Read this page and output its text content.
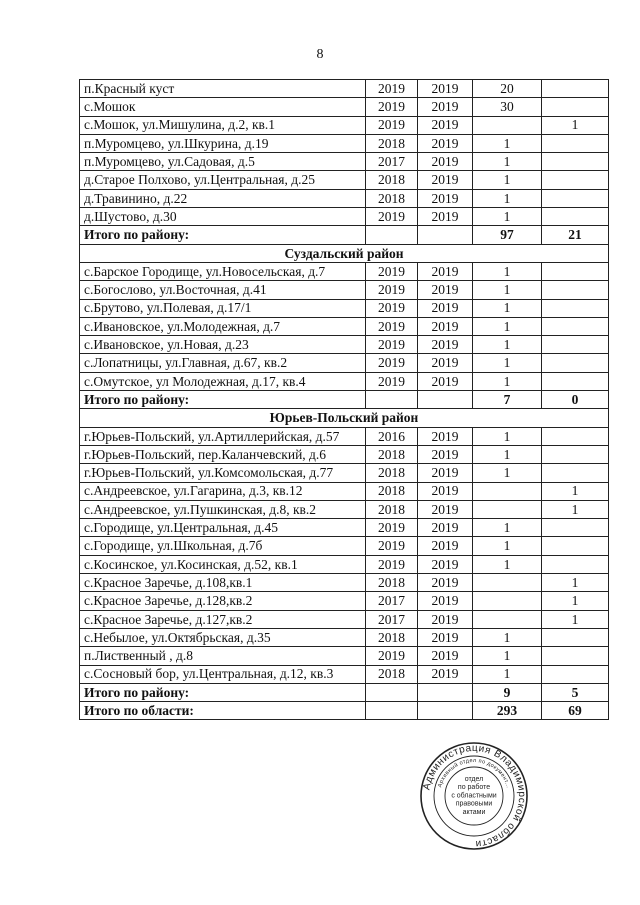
8
п.Красный куст	2019	2019	20	
с.Мошок	2019	2019	30	
с.Мошок, ул.Мишулина, д.2, кв.1	2019	2019		1
п.Муромцево, ул.Шкурина, д.19	2018	2019	1	
п.Муромцево, ул.Садовая, д.5	2017	2019	1	
д.Старое Полхово, ул.Центральная, д.25	2018	2019	1	
д.Травинино, д.22	2018	2019	1	
д.Шустово, д.30	2019	2019	1	
Итого по району:			97	21
Суздальский район				
с.Барское Городище, ул.Новосельская, д.7	2019	2019	1	
с.Богослово, ул.Восточная, д.41	2019	2019	1	
с.Брутово, ул.Полевая, д.17/1	2019	2019	1	
с.Ивановское, ул.Молодежная, д.7	2019	2019	1	
с.Ивановское, ул.Новая, д.23	2019	2019	1	
с.Лопатницы, ул.Главная, д.67, кв.2	2019	2019	1	
с.Омутское, ул Молодежная, д.17, кв.4	2019	2019	1	
Итого по району:			7	0
Юрьев-Польский район				
г.Юрьев-Польский, ул.Артиллерийская, д.57	2016	2019	1	
г.Юрьев-Польский, пер.Каланчевский, д.6	2018	2019	1	
г.Юрьев-Польский, ул.Комсомольская, д.77	2018	2019	1	
с.Андреевское, ул.Гагарина, д.3, кв.12	2018	2019		1
с.Андреевское, ул.Пушкинская, д.8, кв.2	2018	2019		1
с.Городище, ул.Центральная, д.45	2019	2019	1	
с.Городище, ул.Школьная, д.7б	2019	2019	1	
с.Косинское, ул.Косинская, д.52, кв.1	2019	2019	1	
с.Красное Заречье, д.108,кв.1	2018	2019		1
с.Красное Заречье, д.128,кв.2	2017	2019		1
с.Красное Заречье, д.127,кв.2	2017	2019		1
с.Небылое, ул.Октябрьская, д.35	2018	2019	1	
п.Лиственный , д.8	2019	2019	1	
с.Сосновый бор, ул.Центральная, д.12, кв.3	2018	2019	1	
Итого по району:			9	5
Итого по области:			293	69
Администрация Владимирской области
Архивный отдел по документ...
отдел
по работе
с областными
правовыми
актами
